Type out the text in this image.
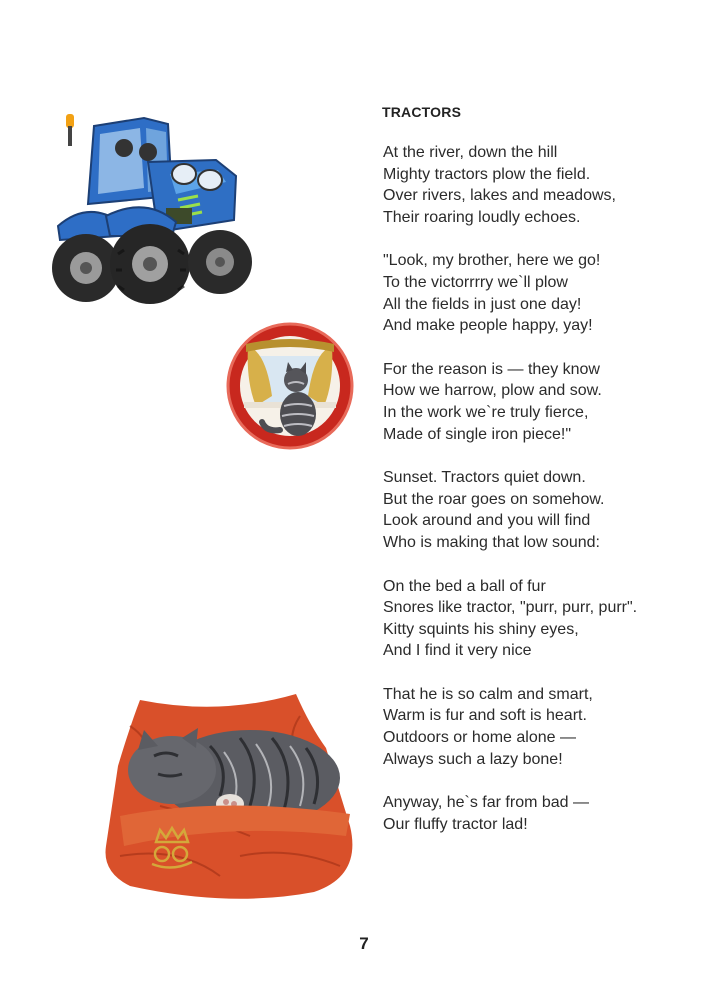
TRACTORS
At the river, down the hill
Mighty tractors plow the field.
Over rivers, lakes and meadows,
Their roaring loudly echoes.
"Look, my brother, here we go!
To the victorrrry we`ll plow
All the fields in just one day!
And make people happy, yay!
For the reason is — they know
How we harrow, plow and sow.
In the work we`re truly fierce,
Made of single iron piece!"
Sunset. Tractors quiet down.
But the roar goes on somehow.
Look around and you will find
Who is making that low sound:
On the bed a ball of fur
Snores like tractor, "purr, purr, purr".
Kitty squints his shiny eyes,
And I find it very nice
That he is so calm and smart,
Warm is fur and soft is heart.
Outdoors or home alone —
Always such a lazy bone!
Anyway, he`s far from bad —
Our fluffy tractor lad!
7
